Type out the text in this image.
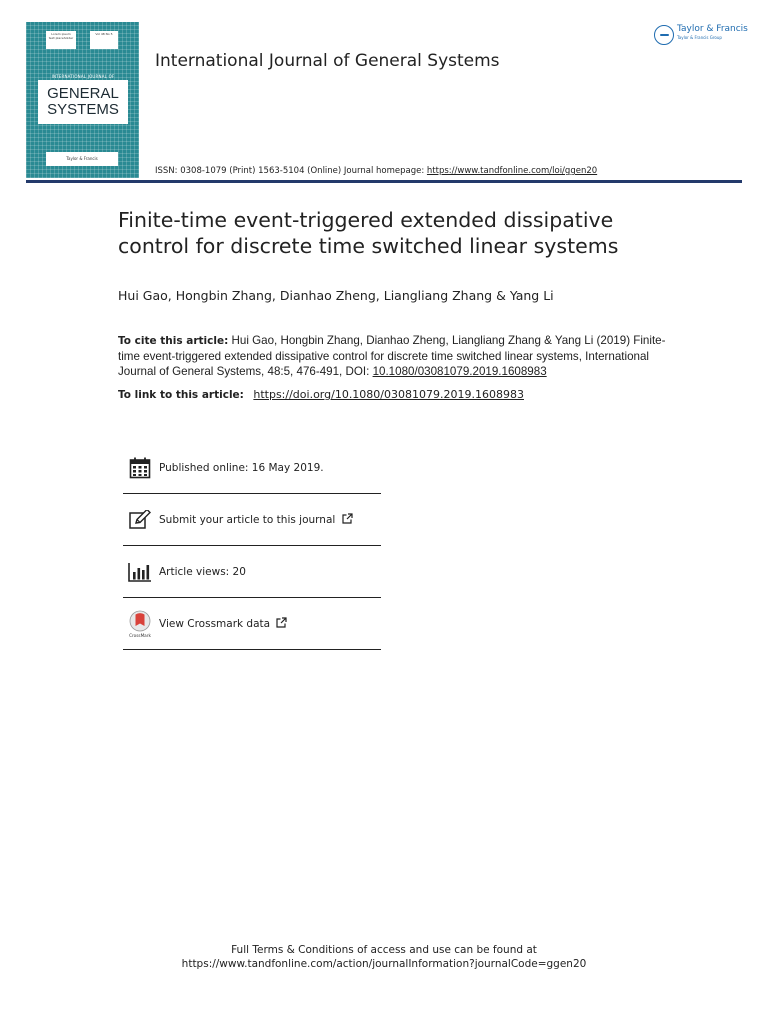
Lorem ipsum text placeholder
Vol 48 No 5
INTERNATIONAL JOURNAL OF
GENERAL
SYSTEMS
Taylor & Francis
International Journal of General Systems
Taylor & Francis
Taylor & Francis Group
ISSN: 0308-1079 (Print) 1563-5104 (Online) Journal homepage: https://www.tandfonline.com/loi/ggen20
Finite-time event-triggered extended dissipative control for discrete time switched linear systems
Hui Gao, Hongbin Zhang, Dianhao Zheng, Liangliang Zhang & Yang Li
To cite this article: Hui Gao, Hongbin Zhang, Dianhao Zheng, Liangliang Zhang & Yang Li (2019) Finite-time event-triggered extended dissipative control for discrete time switched linear systems, International Journal of General Systems, 48:5, 476-491, DOI: 10.1080/03081079.2019.1608983
To link to this article: https://doi.org/10.1080/03081079.2019.1608983
Published online: 16 May 2019.
Submit your article to this journal
Article views: 20
CrossMark
View Crossmark data
Full Terms & Conditions of access and use can be found at
https://www.tandfonline.com/action/journalInformation?journalCode=ggen20
